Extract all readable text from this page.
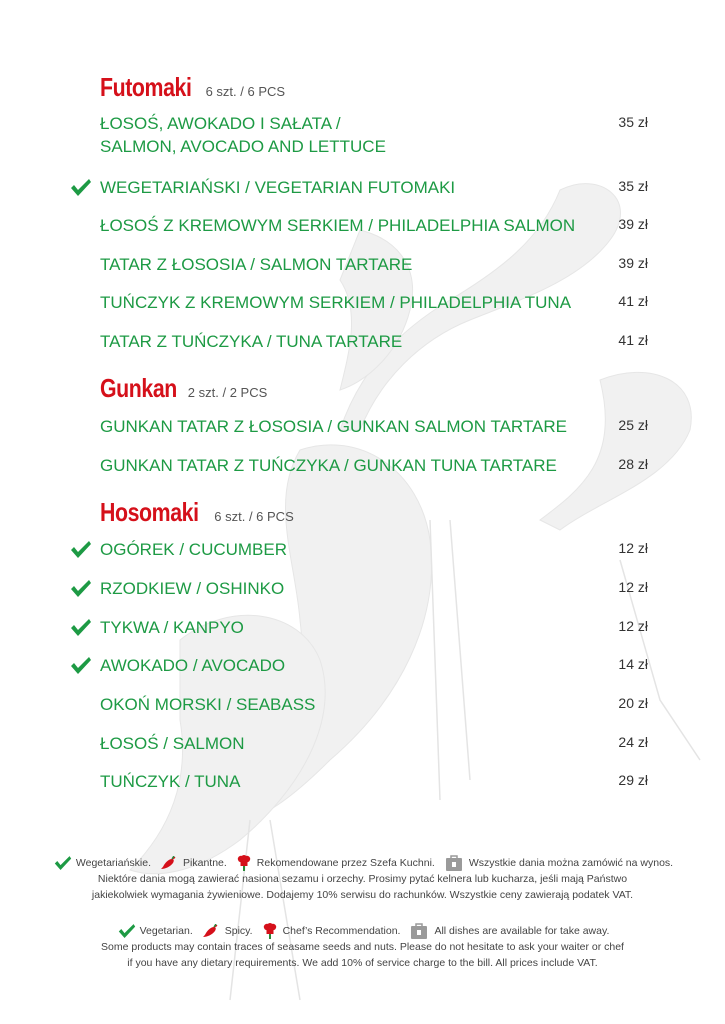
Futomaki 6 szt. / 6 PCS
ŁOSOŚ, AWOKADO I SAŁATA /
SALMON, AVOCADO AND LETTUCE
35 zł
WEGETARIAŃSKI / VEGETARIAN FUTOMAKI	35 zł
ŁOSOŚ Z KREMOWYM SERKIEM / PHILADELPHIA SALMON	39 zł
TATAR Z ŁOSOSIA / SALMON TARTARE	39 zł
TUŃCZYK Z KREMOWYM SERKIEM / PHILADELPHIA TUNA	41 zł
TATAR Z TUŃCZYKA / TUNA TARTARE	41 zł
Gunkan 2 szt. / 2 PCS
GUNKAN TATAR Z ŁOSOSIA / GUNKAN SALMON TARTARE	25 zł
GUNKAN TATAR Z TUŃCZYKA / GUNKAN TUNA TARTARE	28 zł
Hosomaki 6 szt. / 6 PCS
OGÓREK / CUCUMBER	12 zł
RZODKIEW / OSHINKO	12 zł
TYKWA / KANPYO	12 zł
AWOKADO / AVOCADO	14 zł
OKOŃ MORSKI / SEABASS	20 zł
ŁOSOŚ / SALMON	24 zł
TUŃCZYK / TUNA	29 zł
Wegetariańskie.	Pikantne.	Rekomendowane przez Szefa Kuchni.	Wszystkie dania można zamówić na wynos.
Niektóre dania mogą zawierać nasiona sezamu i orzechy. Prosimy pytać kelnera lub kucharza, jeśli mają Państwo
jakiekolwiek wymagania żywieniowe. Dodajemy 10% serwisu do rachunków. Wszystkie ceny zawierają podatek VAT.
Vegetarian.	Spicy.	Chef’s Recommendation.	All dishes are available for take away.
Some products may contain traces of seasame seeds and nuts. Please do not hesitate to ask your waiter or chef
if you have any dietary requirements. We add 10% of service charge to the bill. All prices include VAT.
